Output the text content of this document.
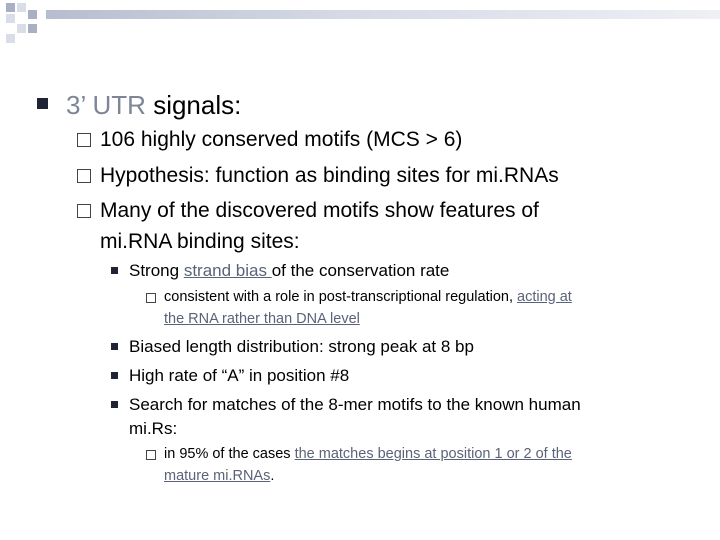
3’ UTR signals:
106 highly conserved motifs (MCS > 6)
Hypothesis: function as binding sites for mi.RNAs
Many of the discovered motifs show features of
mi.RNA binding sites:
Strong strand bias of the conservation rate
consistent with a role in post-transcriptional regulation, acting at
the RNA rather than DNA level
Biased length distribution: strong peak at 8 bp
High rate of “A” in position #8
Search for matches of the 8-mer motifs to the known human
mi.Rs:
in 95% of the cases the matches begins at position 1 or 2 of the
mature mi.RNAs.
